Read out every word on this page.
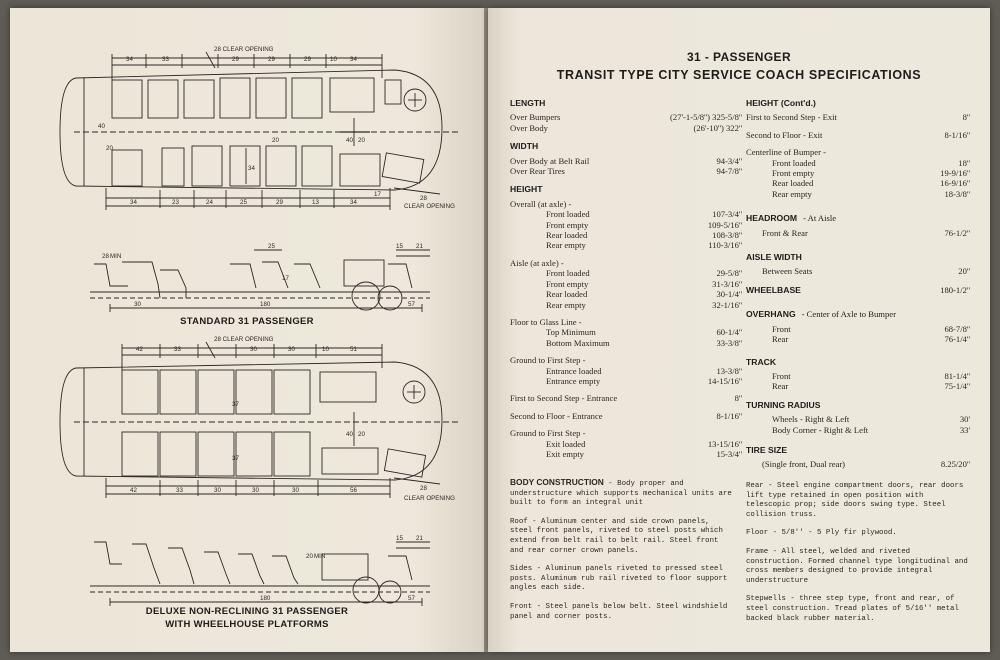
28 CLEAR OPENING
34	33	29	29	29	10 34
34	23	24	25	29	13	34
17
40
20
20
34
40 20
28
CLEAR OPENING
28 MIN
25
17
15 21
180	57
30
28 CLEAR OPENING
42	33	30	30	10	51
42	33	30	30	30	56	28
CLEAR OPENING
37
40 20
37
20 MIN
15 21
180	57
STANDARD 31 PASSENGER
DELUXE NON-RECLINING 31 PASSENGER
WITH WHEELHOUSE PLATFORMS
31 - PASSENGER
TRANSIT TYPE CITY SERVICE COACH SPECIFICATIONS
LENGTH
Over Bumpers	(27'-1-5/8'') 325-5/8''
Over Body	(26'-10'') 322''
WIDTH
Over Body at Belt Rail	94-3/4''
Over Rear Tires	94-7/8''
HEIGHT
Overall (at axle) -
Front loaded	107-3/4''
Front empty	109-5/16''
Rear loaded	108-3/8''
Rear empty	110-3/16''
Aisle (at axle) -
Front loaded	29-5/8''
Front empty	31-3/16''
Rear loaded	30-1/4''
Rear empty	32-1/16''
Floor to Glass Line -
Top Minimum	60-1/4''
Bottom Maximum	33-3/8''
Ground to First Step -
Entrance loaded	13-3/8''
Entrance empty	14-15/16''
First to Second Step - Entrance	8''
Second to Floor - Entrance	8-1/16''
Ground to First Step -
Exit loaded	13-15/16''
Exit empty	15-3/4''
HEIGHT (Cont'd.)
First to Second Step - Exit	8''
Second to Floor - Exit	8-1/16''
Centerline of Bumper -
Front loaded	18''
Front empty	19-9/16''
Rear loaded	16-9/16''
Rear empty	18-3/8''
HEADROOM - At Aisle
Front & Rear	76-1/2''
AISLE WIDTH
Between Seats	20''
WHEELBASE	180-1/2''
OVERHANG - Center of Axle to Bumper
Front	68-7/8''
Rear	76-1/4''
TRACK
Front	81-1/4''
Rear	75-1/4''
TURNING RADIUS
Wheels - Right & Left	30'
Body Corner - Right & Left	33'
TIRE SIZE
(Single front, Dual rear)	8.25/20''

BODY CONSTRUCTION - Body proper and understructure which supports mechanical units are built to form an integral unit

Roof - Aluminum center and side crown panels, steel front panels, riveted to steel posts which extend from belt rail to belt rail. Steel front and rear corner crown panels.

Sides - Aluminum panels riveted to pressed steel posts. Aluminum rub rail riveted to floor support angles each side.

Front - Steel panels below belt. Steel windshield panel and corner posts.

Rear - Steel engine compartment doors, rear doors lift type retained in open position with telescopic prop; side doors swing type. Steel collision truss.

Floor - 5/8'' - 5 Ply fir plywood.

Frame - All steel, welded and riveted construction. Formed channel type longitudinal and cross members designed to provide integral understructure

Stepwells - three step type, front and rear, of steel construction. Tread plates of 5/16'' metal backed black rubber material.
